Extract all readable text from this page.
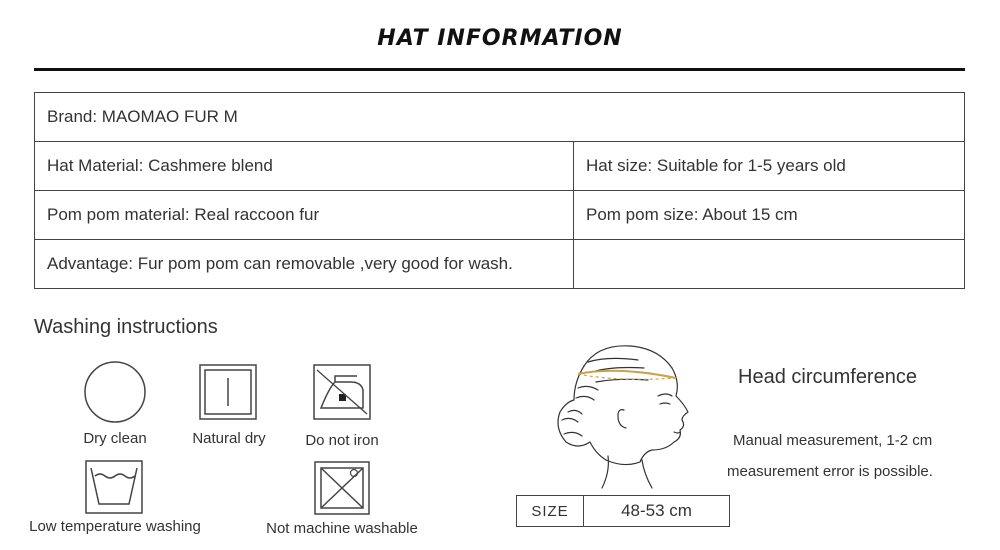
HAT INFORMATION
Brand: MAOMAO FUR M	
Hat Material: Cashmere blend	Hat size: Suitable for 1-5 years old
Pom pom material: Real raccoon fur	Pom pom size: About 15 cm
Advantage: Fur pom pom can removable ,very good for wash.	
Washing instructions
Dry clean	Natural dry	Do not iron
Low temperature washing	Not machine washable
Head circumference
Manual measurement, 1-2 cm
measurement error is possible.
SIZE	48-53 cm
